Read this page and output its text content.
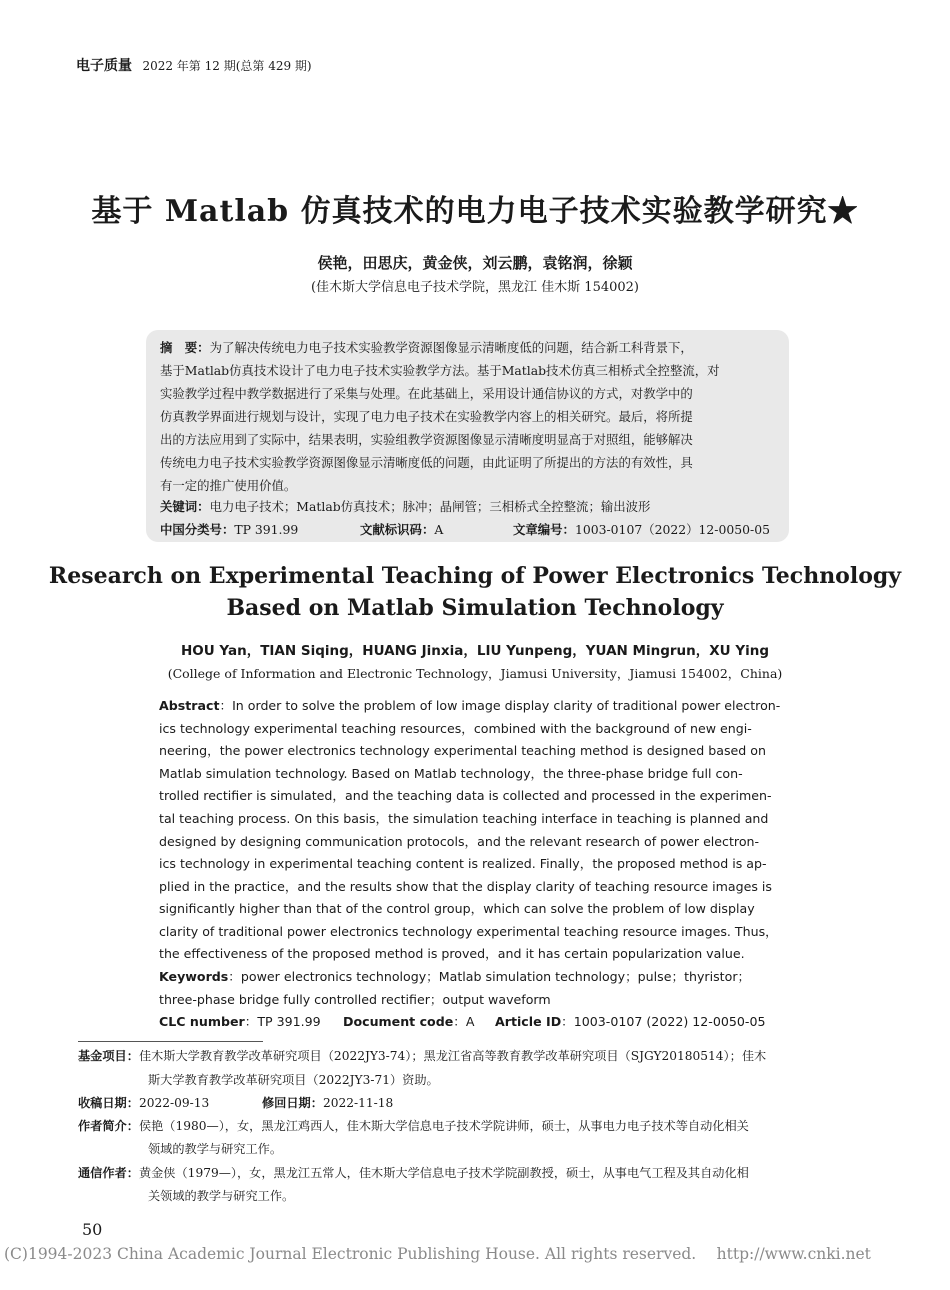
电子质量 2022 年第 12 期(总第 429 期)
基于 Matlab 仿真技术的电力电子技术实验教学研究★
侯艳，田思庆，黄金侠，刘云鹏，袁铭润，徐颖
(佳木斯大学信息电子技术学院，黑龙江 佳木斯 154002)
摘　要：为了解决传统电力电子技术实验教学资源图像显示清晰度低的问题，结合新工科背景下，
基于Matlab仿真技术设计了电力电子技术实验教学方法。基于Matlab技术仿真三相桥式全控整流，对
实验教学过程中教学数据进行了采集与处理。在此基础上，采用设计通信协议的方式，对教学中的
仿真教学界面进行规划与设计，实现了电力电子技术在实验教学内容上的相关研究。最后，将所提
出的方法应用到了实际中，结果表明，实验组教学资源图像显示清晰度明显高于对照组，能够解决
传统电力电子技术实验教学资源图像显示清晰度低的问题，由此证明了所提出的方法的有效性，具
有一定的推广使用价值。
关键词：电力电子技术；Matlab仿真技术；脉冲；晶闸管；三相桥式全控整流；输出波形
中国分类号：TP 391.99	文献标识码：A	文章编号：1003-0107（2022）12-0050-05
Research on Experimental Teaching of Power Electronics Technology
Based on Matlab Simulation Technology
HOU Yan，TIAN Siqing，HUANG Jinxia，LIU Yunpeng，YUAN Mingrun，XU Ying
(College of Information and Electronic Technology，Jiamusi University，Jiamusi 154002，China)
Abstract：In order to solve the problem of low image display clarity of traditional power electron-
ics technology experimental teaching resources，combined with the background of new engi-
neering，the power electronics technology experimental teaching method is designed based on
Matlab simulation technology. Based on Matlab technology，the three-phase bridge full con-
trolled rectifier is simulated，and the teaching data is collected and processed in the experimen-
tal teaching process. On this basis，the simulation teaching interface in teaching is planned and
designed by designing communication protocols，and the relevant research of power electron-
ics technology in experimental teaching content is realized. Finally，the proposed method is ap-
plied in the practice，and the results show that the display clarity of teaching resource images is
significantly higher than that of the control group，which can solve the problem of low display
clarity of traditional power electronics technology experimental teaching resource images. Thus，
the effectiveness of the proposed method is proved，and it has certain popularization value.
Keywords：power electronics technology；Matlab simulation technology；pulse；thyristor；
three-phase bridge fully controlled rectifier；output waveform
CLC number：TP 391.99 Document code：A Article ID：1003-0107 (2022) 12-0050-05
基金项目：佳木斯大学教育教学改革研究项目（2022JY3-74）；黑龙江省高等教育教学改革研究项目（SJGY20180514）；佳木
斯大学教育教学改革研究项目（2022JY3-71）资助。
收稿日期：2022-09-13	修回日期：2022-11-18
作者简介：侯艳（1980—），女，黑龙江鸡西人，佳木斯大学信息电子技术学院讲师，硕士，从事电力电子技术等自动化相关
领域的教学与研究工作。
通信作者：黄金侠（1979—），女，黑龙江五常人，佳木斯大学信息电子技术学院副教授，硕士，从事电气工程及其自动化相
关领域的教学与研究工作。
50
(C)1994-2023 China Academic Journal Electronic Publishing House. All rights reserved.　 http://www.cnki.net
